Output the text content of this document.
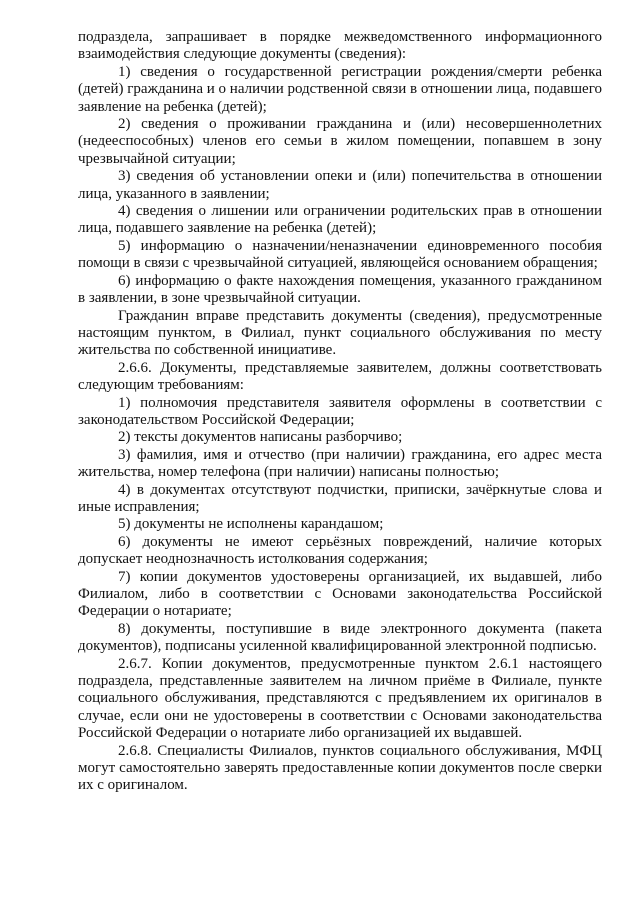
подраздела, запрашивает в порядке межведомственного информационного взаимодействия следующие документы (сведения):

1) сведения о государственной регистрации рождения/смерти ребенка (детей) гражданина и о наличии родственной связи в отношении лица, подавшего заявление на ребенка (детей);

2) сведения о проживании гражданина и (или) несовершеннолетних (недееспособных) членов его семьи в жилом помещении, попавшем в зону чрезвычайной ситуации;

3) сведения об установлении опеки и (или) попечительства в отношении лица, указанного в заявлении;

4) сведения о лишении или ограничении родительских прав в отношении лица, подавшего заявление на ребенка (детей);

5) информацию о назначении/неназначении единовременного пособия помощи в связи с чрезвычайной ситуацией, являющейся основанием обращения;

6) информацию о факте нахождения помещения, указанного гражданином в заявлении, в зоне чрезвычайной ситуации.

Гражданин вправе представить документы (сведения), предусмотренные настоящим пунктом, в Филиал, пункт социального обслуживания по месту жительства по собственной инициативе.

2.6.6. Документы, представляемые заявителем, должны соответствовать следующим требованиям:

1) полномочия представителя заявителя оформлены в соответствии с законодательством Российской Федерации;

2) тексты документов написаны разборчиво;

3) фамилия, имя и отчество (при наличии) гражданина, его адрес места жительства, номер телефона (при наличии) написаны полностью;

4) в документах отсутствуют подчистки, приписки, зачёркнутые слова и иные исправления;

5) документы не исполнены карандашом;

6) документы не имеют серьёзных повреждений, наличие которых допускает неоднозначность истолкования содержания;

7) копии документов удостоверены организацией, их выдавшей, либо Филиалом, либо в соответствии с Основами законодательства Российской Федерации о нотариате;

8) документы, поступившие в виде электронного документа (пакета документов), подписаны усиленной квалифицированной электронной подписью.

2.6.7. Копии документов, предусмотренные пунктом 2.6.1 настоящего подраздела, представленные заявителем на личном приёме в Филиале, пункте социального обслуживания, представляются с предъявлением их оригиналов в случае, если они не удостоверены в соответствии с Основами законодательства Российской Федерации о нотариате либо организацией их выдавшей.

2.6.8. Специалисты Филиалов, пунктов социального обслуживания, МФЦ могут самостоятельно заверять предоставленные копии документов после сверки их с оригиналом.
